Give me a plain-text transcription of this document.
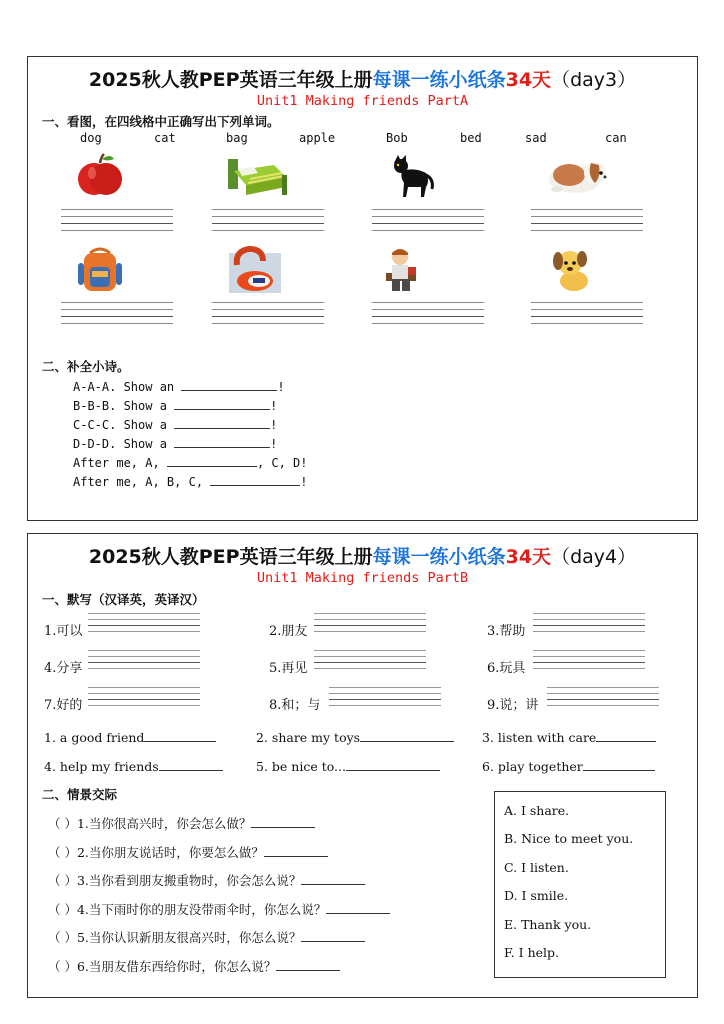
2025秋人教PEP英语三年级上册每课一练小纸条34天（day3）
Unit1 Making friends PartA
一、看图，在四线格中正确写出下列单词。
dog	cat	bag	apple	Bob	bed	sad	can
二、补全小诗。
A-A-A. Show an	!
B-B-B. Show a	!
C-C-C. Show a	!
D-D-D. Show a	!
After me, A,	, C, D!
After me, A, B, C,	!
2025秋人教PEP英语三年级上册每课一练小纸条34天（day4）
Unit1 Making friends PartB
一、默写（汉译英，英译汉）
1.可以	2.朋友	3.帮助
4.分享	5.再见	6.玩具
7.好的	8.和；与	9.说；讲
1. a good friend	2. share my toys	3. listen with care
4. help my friends	5. be nice to...	6. play together
二、情景交际
（ ）1.当你很高兴时，你会怎么做？
（ ）2.当你朋友说话时，你要怎么做？
（ ）3.当你看到朋友搬重物时，你会怎么说？
（ ）4.当下雨时你的朋友没带雨伞时，你怎么说？
（ ）5.当你认识新朋友很高兴时，你怎么说？
（ ）6.当朋友借东西给你时，你怎么说？
A. I share.
B. Nice to meet you.
C. I listen.
D. I smile.
E. Thank you.
F. I help.
